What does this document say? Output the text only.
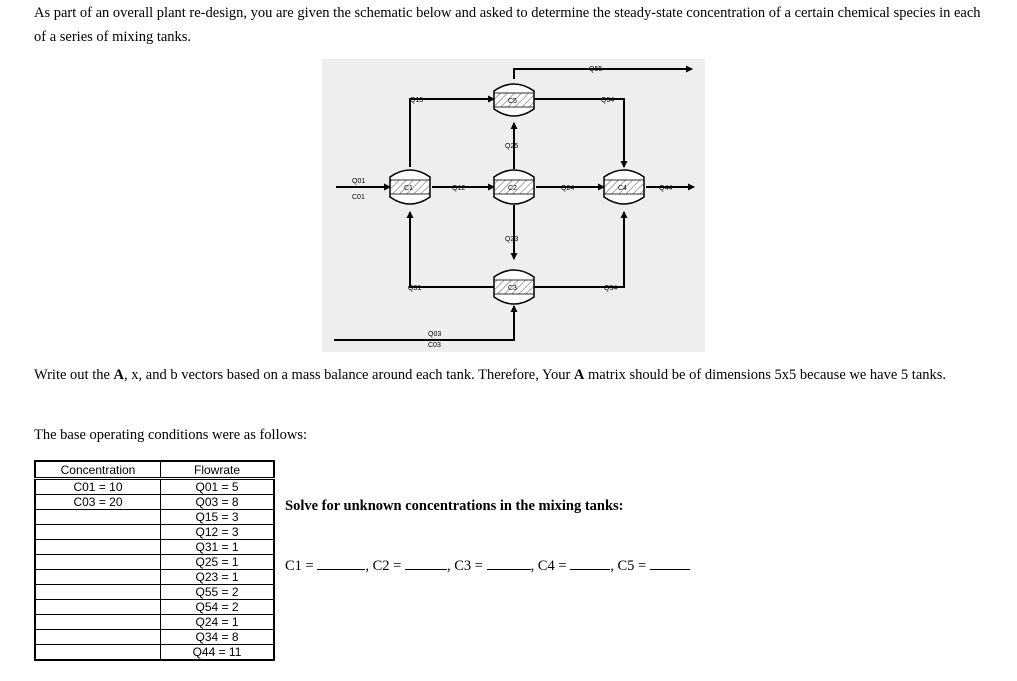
As part of an overall plant re-design, you are given the schematic below and asked to determine the steady-state concentration of a certain chemical species in each of a series of mixing tanks.
C5
C1	C2	C4
C3
Q55
Q15	Q54
Q25
Q01
C01
Q12	Q24	Q44
Q23
Q31	Q34
Q03
C03
Write out the A, x, and b vectors based on a mass balance around each tank. Therefore, Your A matrix should be of dimensions 5x5 because we have 5 tanks.
The base operating conditions were as follows:
Concentration	Flowrate
C01 = 10	Q01 = 5
C03 = 20	Q03 = 8
	Q15 = 3
	Q12 = 3
	Q31 = 1
	Q25 = 1
	Q23 = 1
	Q55 = 2
	Q54 = 2
	Q24 = 1
	Q34 = 8
	Q44 = 11
Solve for unknown concentrations in the mixing tanks:
C1 =	, C2 =	, C3 =	, C4 =	, C5 =
